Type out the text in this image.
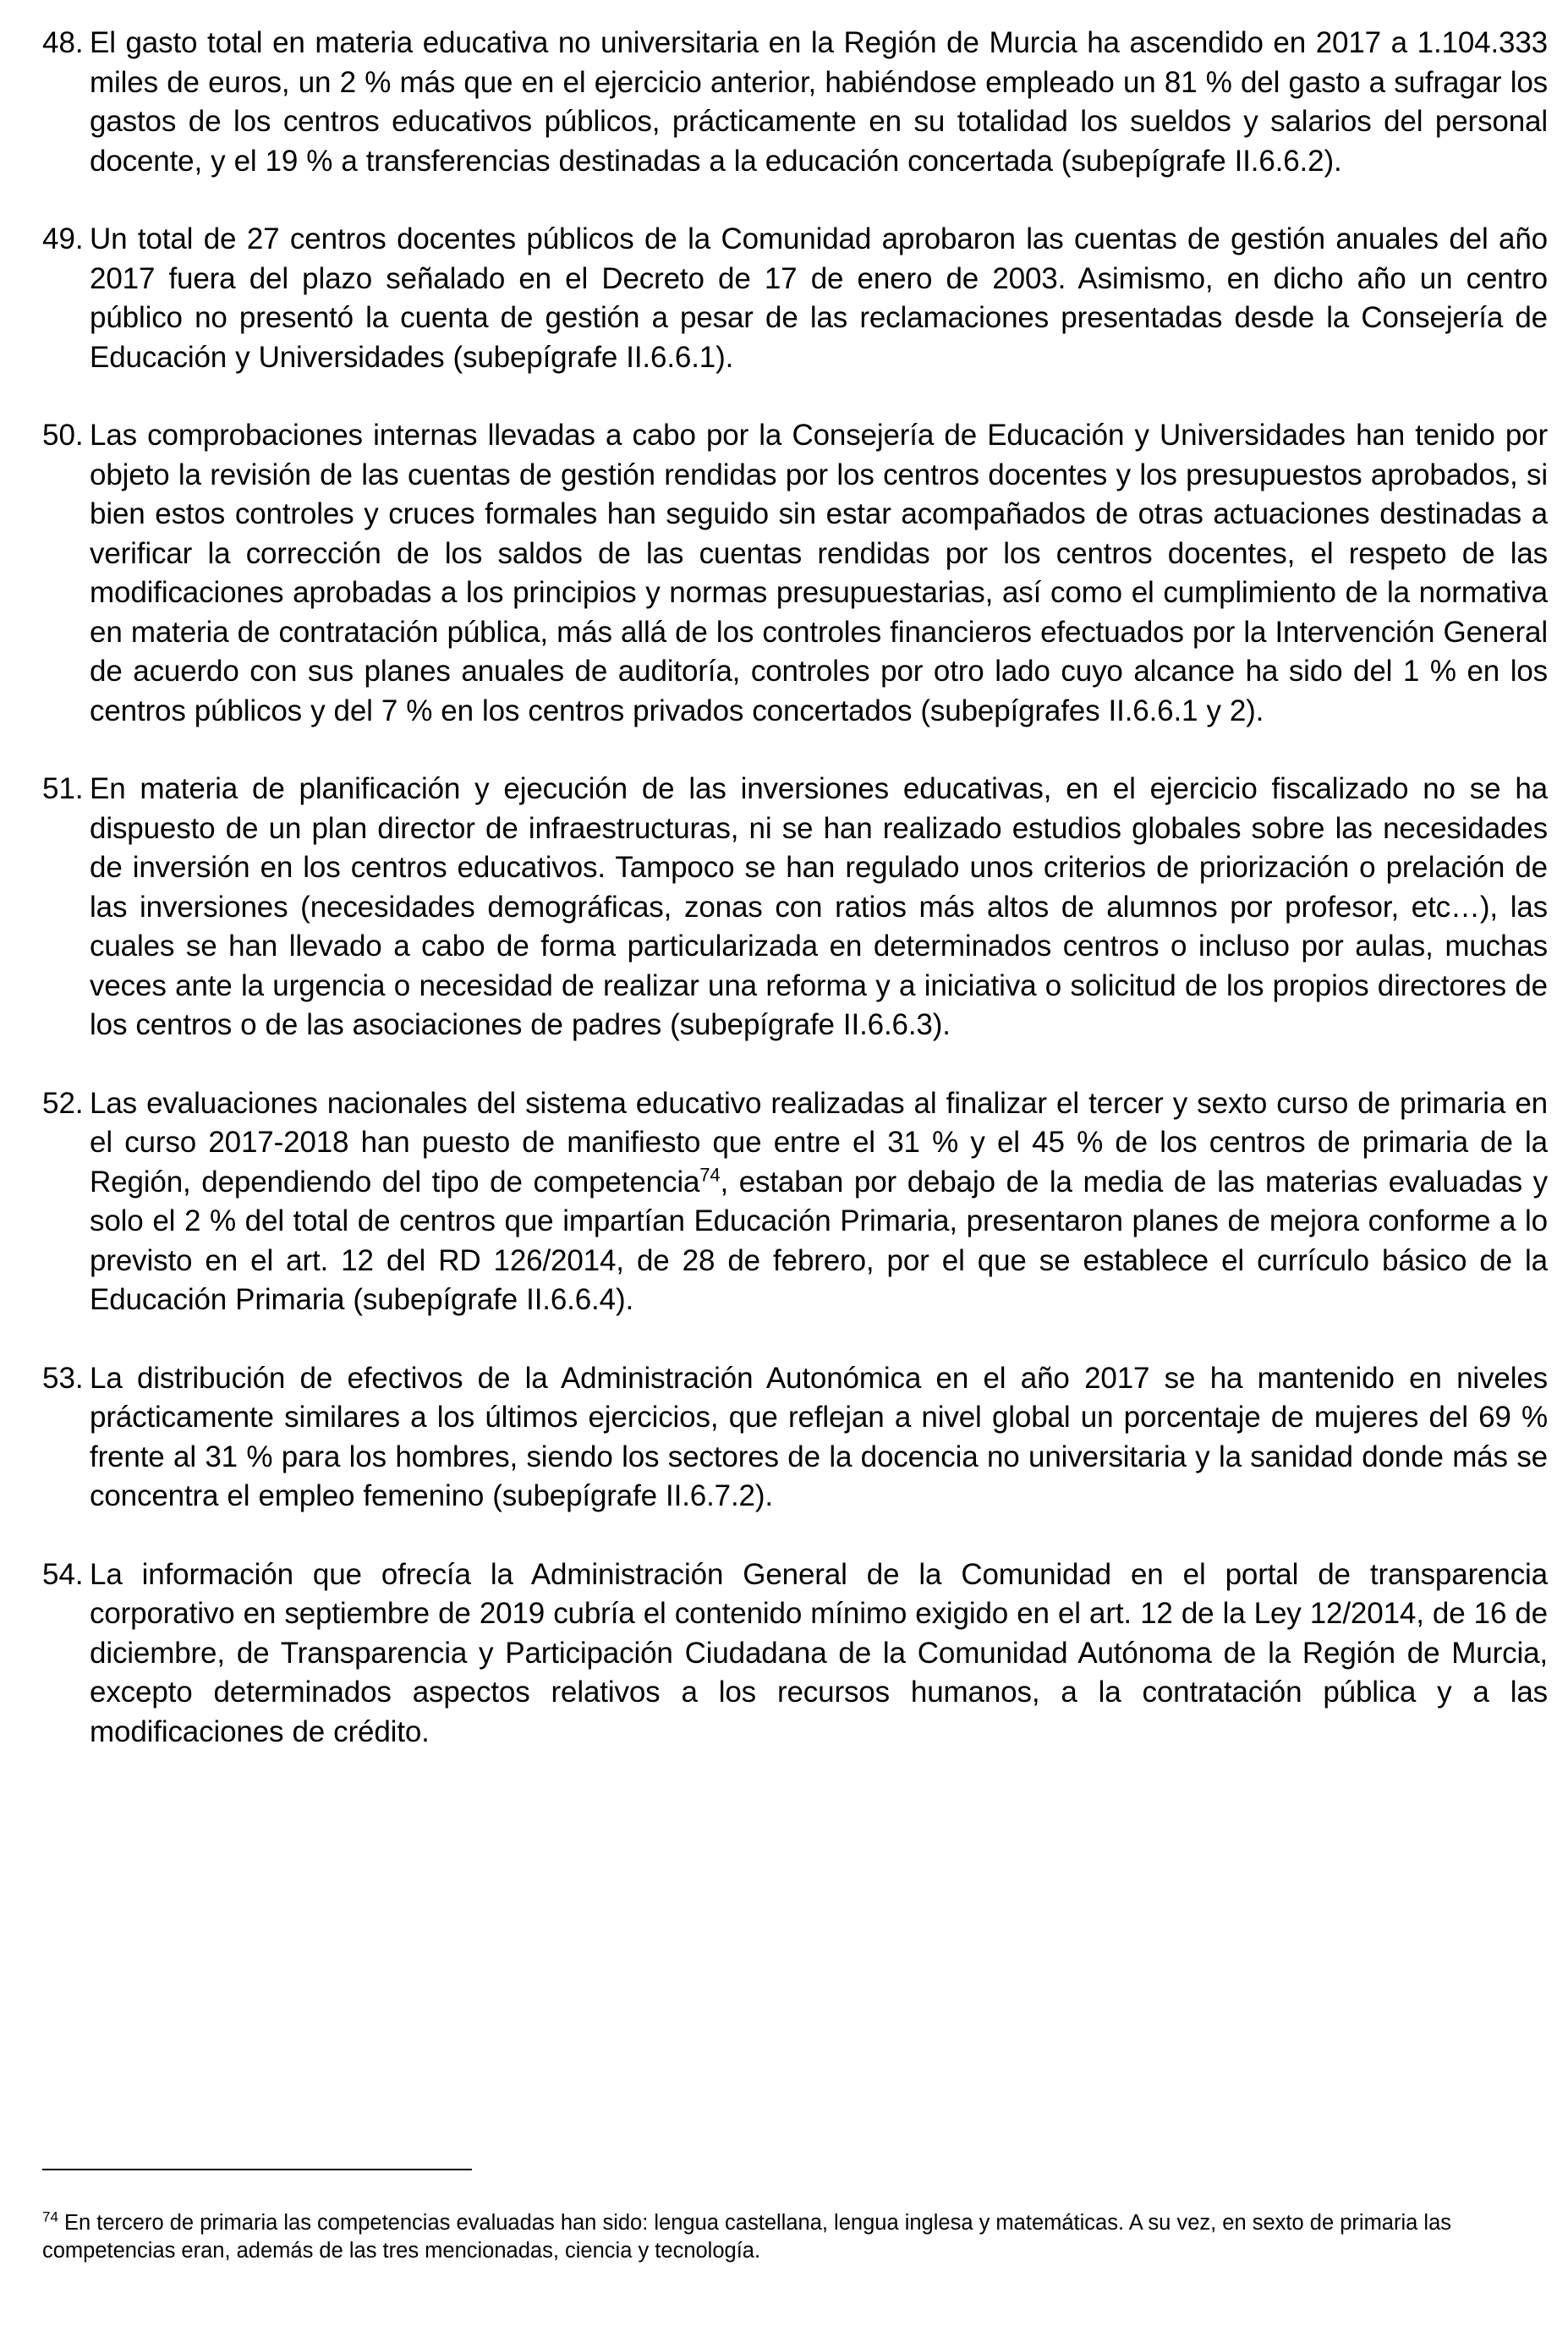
48. El gasto total en materia educativa no universitaria en la Región de Murcia ha ascendido en 2017 a 1.104.333 miles de euros, un 2 % más que en el ejercicio anterior, habiéndose empleado un 81 % del gasto a sufragar los gastos de los centros educativos públicos, prácticamente en su totalidad los sueldos y salarios del personal docente, y el 19 % a transferencias destinadas a la educación concertada (subepígrafe II.6.6.2).
49. Un total de 27 centros docentes públicos de la Comunidad aprobaron las cuentas de gestión anuales del año 2017 fuera del plazo señalado en el Decreto de 17 de enero de 2003. Asimismo, en dicho año un centro público no presentó la cuenta de gestión a pesar de las reclamaciones presentadas desde la Consejería de Educación y Universidades (subepígrafe II.6.6.1).
50. Las comprobaciones internas llevadas a cabo por la Consejería de Educación y Universidades han tenido por objeto la revisión de las cuentas de gestión rendidas por los centros docentes y los presupuestos aprobados, si bien estos controles y cruces formales han seguido sin estar acompañados de otras actuaciones destinadas a verificar la corrección de los saldos de las cuentas rendidas por los centros docentes, el respeto de las modificaciones aprobadas a los principios y normas presupuestarias, así como el cumplimiento de la normativa en materia de contratación pública, más allá de los controles financieros efectuados por la Intervención General de acuerdo con sus planes anuales de auditoría, controles por otro lado cuyo alcance ha sido del 1 % en los centros públicos y del 7 % en los centros privados concertados (subepígrafes II.6.6.1 y 2).
51. En materia de planificación y ejecución de las inversiones educativas, en el ejercicio fiscalizado no se ha dispuesto de un plan director de infraestructuras, ni se han realizado estudios globales sobre las necesidades de inversión en los centros educativos. Tampoco se han regulado unos criterios de priorización o prelación de las inversiones (necesidades demográficas, zonas con ratios más altos de alumnos por profesor, etc…), las cuales se han llevado a cabo de forma particularizada en determinados centros o incluso por aulas, muchas veces ante la urgencia o necesidad de realizar una reforma y a iniciativa o solicitud de los propios directores de los centros o de las asociaciones de padres (subepígrafe II.6.6.3).
52. Las evaluaciones nacionales del sistema educativo realizadas al finalizar el tercer y sexto curso de primaria en el curso 2017-2018 han puesto de manifiesto que entre el 31 % y el 45 % de los centros de primaria de la Región, dependiendo del tipo de competencia$^{74}$, estaban por debajo de la media de las materias evaluadas y solo el 2 % del total de centros que impartían Educación Primaria, presentaron planes de mejora conforme a lo previsto en el art. 12 del RD 126/2014, de 28 de febrero, por el que se establece el currículo básico de la Educación Primaria (subepígrafe II.6.6.4).
53. La distribución de efectivos de la Administración Autonómica en el año 2017 se ha mantenido en niveles prácticamente similares a los últimos ejercicios, que reflejan a nivel global un porcentaje de mujeres del 69 % frente al 31 % para los hombres, siendo los sectores de la docencia no universitaria y la sanidad donde más se concentra el empleo femenino (subepígrafe II.6.7.2).
54. La información que ofrecía la Administración General de la Comunidad en el portal de transparencia corporativo en septiembre de 2019 cubría el contenido mínimo exigido en el art. 12 de la Ley 12/2014, de 16 de diciembre, de Transparencia y Participación Ciudadana de la Comunidad Autónoma de la Región de Murcia, excepto determinados aspectos relativos a los recursos humanos, a la contratación pública y a las modificaciones de crédito.
$^{74}$ En tercero de primaria las competencias evaluadas han sido: lengua castellana, lengua inglesa y matemáticas. A su vez, en sexto de primaria las competencias eran, además de las tres mencionadas, ciencia y tecnología.
